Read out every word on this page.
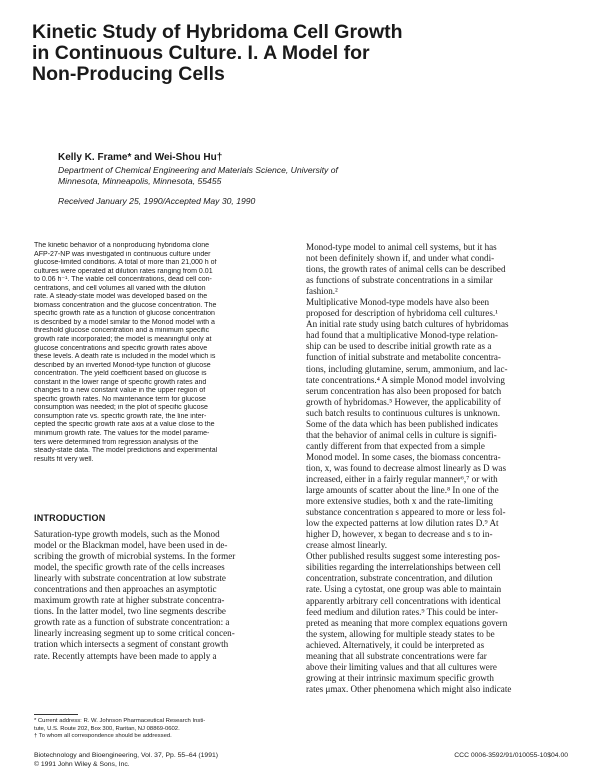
Kinetic Study of Hybridoma Cell Growth
in Continuous Culture. I. A Model for
Non-Producing Cells
Kelly K. Frame* and Wei-Shou Hu†
Department of Chemical Engineering and Materials Science, University of
Minnesota, Minneapolis, Minnesota, 55455
Received January 25, 1990/Accepted May 30, 1990

The kinetic behavior of a nonproducing hybridoma clone
AFP-27-NP was investigated in continuous culture under
glucose-limited conditions. A total of more than 21,000 h of
cultures were operated at dilution rates ranging from 0.01
to 0.06 h⁻¹. The viable cell concentrations, dead cell con-
centrations, and cell volumes all varied with the dilution
rate. A steady-state model was developed based on the
biomass concentration and the glucose concentration. The
specific growth rate as a function of glucose concentration
is described by a model similar to the Monod model with a
threshold glucose concentration and a minimum specific
growth rate incorporated; the model is meaningful only at
glucose concentrations and specific growth rates above
these levels. A death rate is included in the model which is
described by an inverted Monod-type function of glucose
concentration. The yield coefficient based on glucose is
constant in the lower range of specific growth rates and
changes to a new constant value in the upper region of
specific growth rates. No maintenance term for glucose
consumption was needed; in the plot of specific glucose
consumption rate vs. specific growth rate, the line inter-
cepted the specific growth rate axis at a value close to the
minimum growth rate. The values for the model parame-
ters were determined from regression analysis of the
steady-state data. The model predictions and experimental
results fit very well.

INTRODUCTION

Saturation-type growth models, such as the Monod
model or the Blackman model, have been used in de-
scribing the growth of microbial systems. In the former
model, the specific growth rate of the cells increases
linearly with substrate concentration at low substrate
concentrations and then approaches an asymptotic
maximum growth rate at higher substrate concentra-
tions. In the latter model, two line segments describe
growth rate as a function of substrate concentration: a
linearly increasing segment up to some critical concen-
tration which intersects a segment of constant growth
rate. Recently attempts have been made to apply a

Monod-type model to animal cell systems, but it has
not been definitely shown if, and under what condi-
tions, the growth rates of animal cells can be described
as functions of substrate concentrations in a similar
fashion.²
Multiplicative Monod-type models have also been
proposed for description of hybridoma cell cultures.¹
An initial rate study using batch cultures of hybridomas
had found that a multiplicative Monod-type relation-
ship can be used to describe initial growth rate as a
function of initial substrate and metabolite concentra-
tions, including glutamine, serum, ammonium, and lac-
tate concentrations.⁴ A simple Monod model involving
serum concentration has also been proposed for batch
growth of hybridomas.⁵ However, the applicability of
such batch results to continuous cultures is unknown.
Some of the data which has been published indicates
that the behavior of animal cells in culture is signifi-
cantly different from that expected from a simple
Monod model. In some cases, the biomass concentra-
tion, x, was found to decrease almost linearly as D was
increased, either in a fairly regular manner⁶,⁷ or with
large amounts of scatter about the line.⁸ In one of the
more extensive studies, both x and the rate-limiting
substance concentration s appeared to more or less fol-
low the expected patterns at low dilution rates D.⁹ At
higher D, however, x began to decrease and s to in-
crease almost linearly.
Other published results suggest some interesting pos-
sibilities regarding the interrelationships between cell
concentration, substrate concentration, and dilution
rate. Using a cytostat, one group was able to maintain
apparently arbitrary cell concentrations with identical
feed medium and dilution rates.⁹ This could be inter-
preted as meaning that more complex equations govern
the system, allowing for multiple steady states to be
achieved. Alternatively, it could be interpreted as
meaning that all substrate concentrations were far
above their limiting values and that all cultures were
growing at their intrinsic maximum specific growth
rates μmax. Other phenomena which might also indicate

* Current address: R. W. Johnson Pharmaceutical Research Insti-
tute, U.S. Route 202, Box 300, Raritan, NJ 08869-0602.
† To whom all correspondence should be addressed.
Biotechnology and Bioengineering, Vol. 37, Pp. 55–64 (1991)
© 1991 John Wiley & Sons, Inc.
CCC 0006-3592/91/010055-10$04.00
